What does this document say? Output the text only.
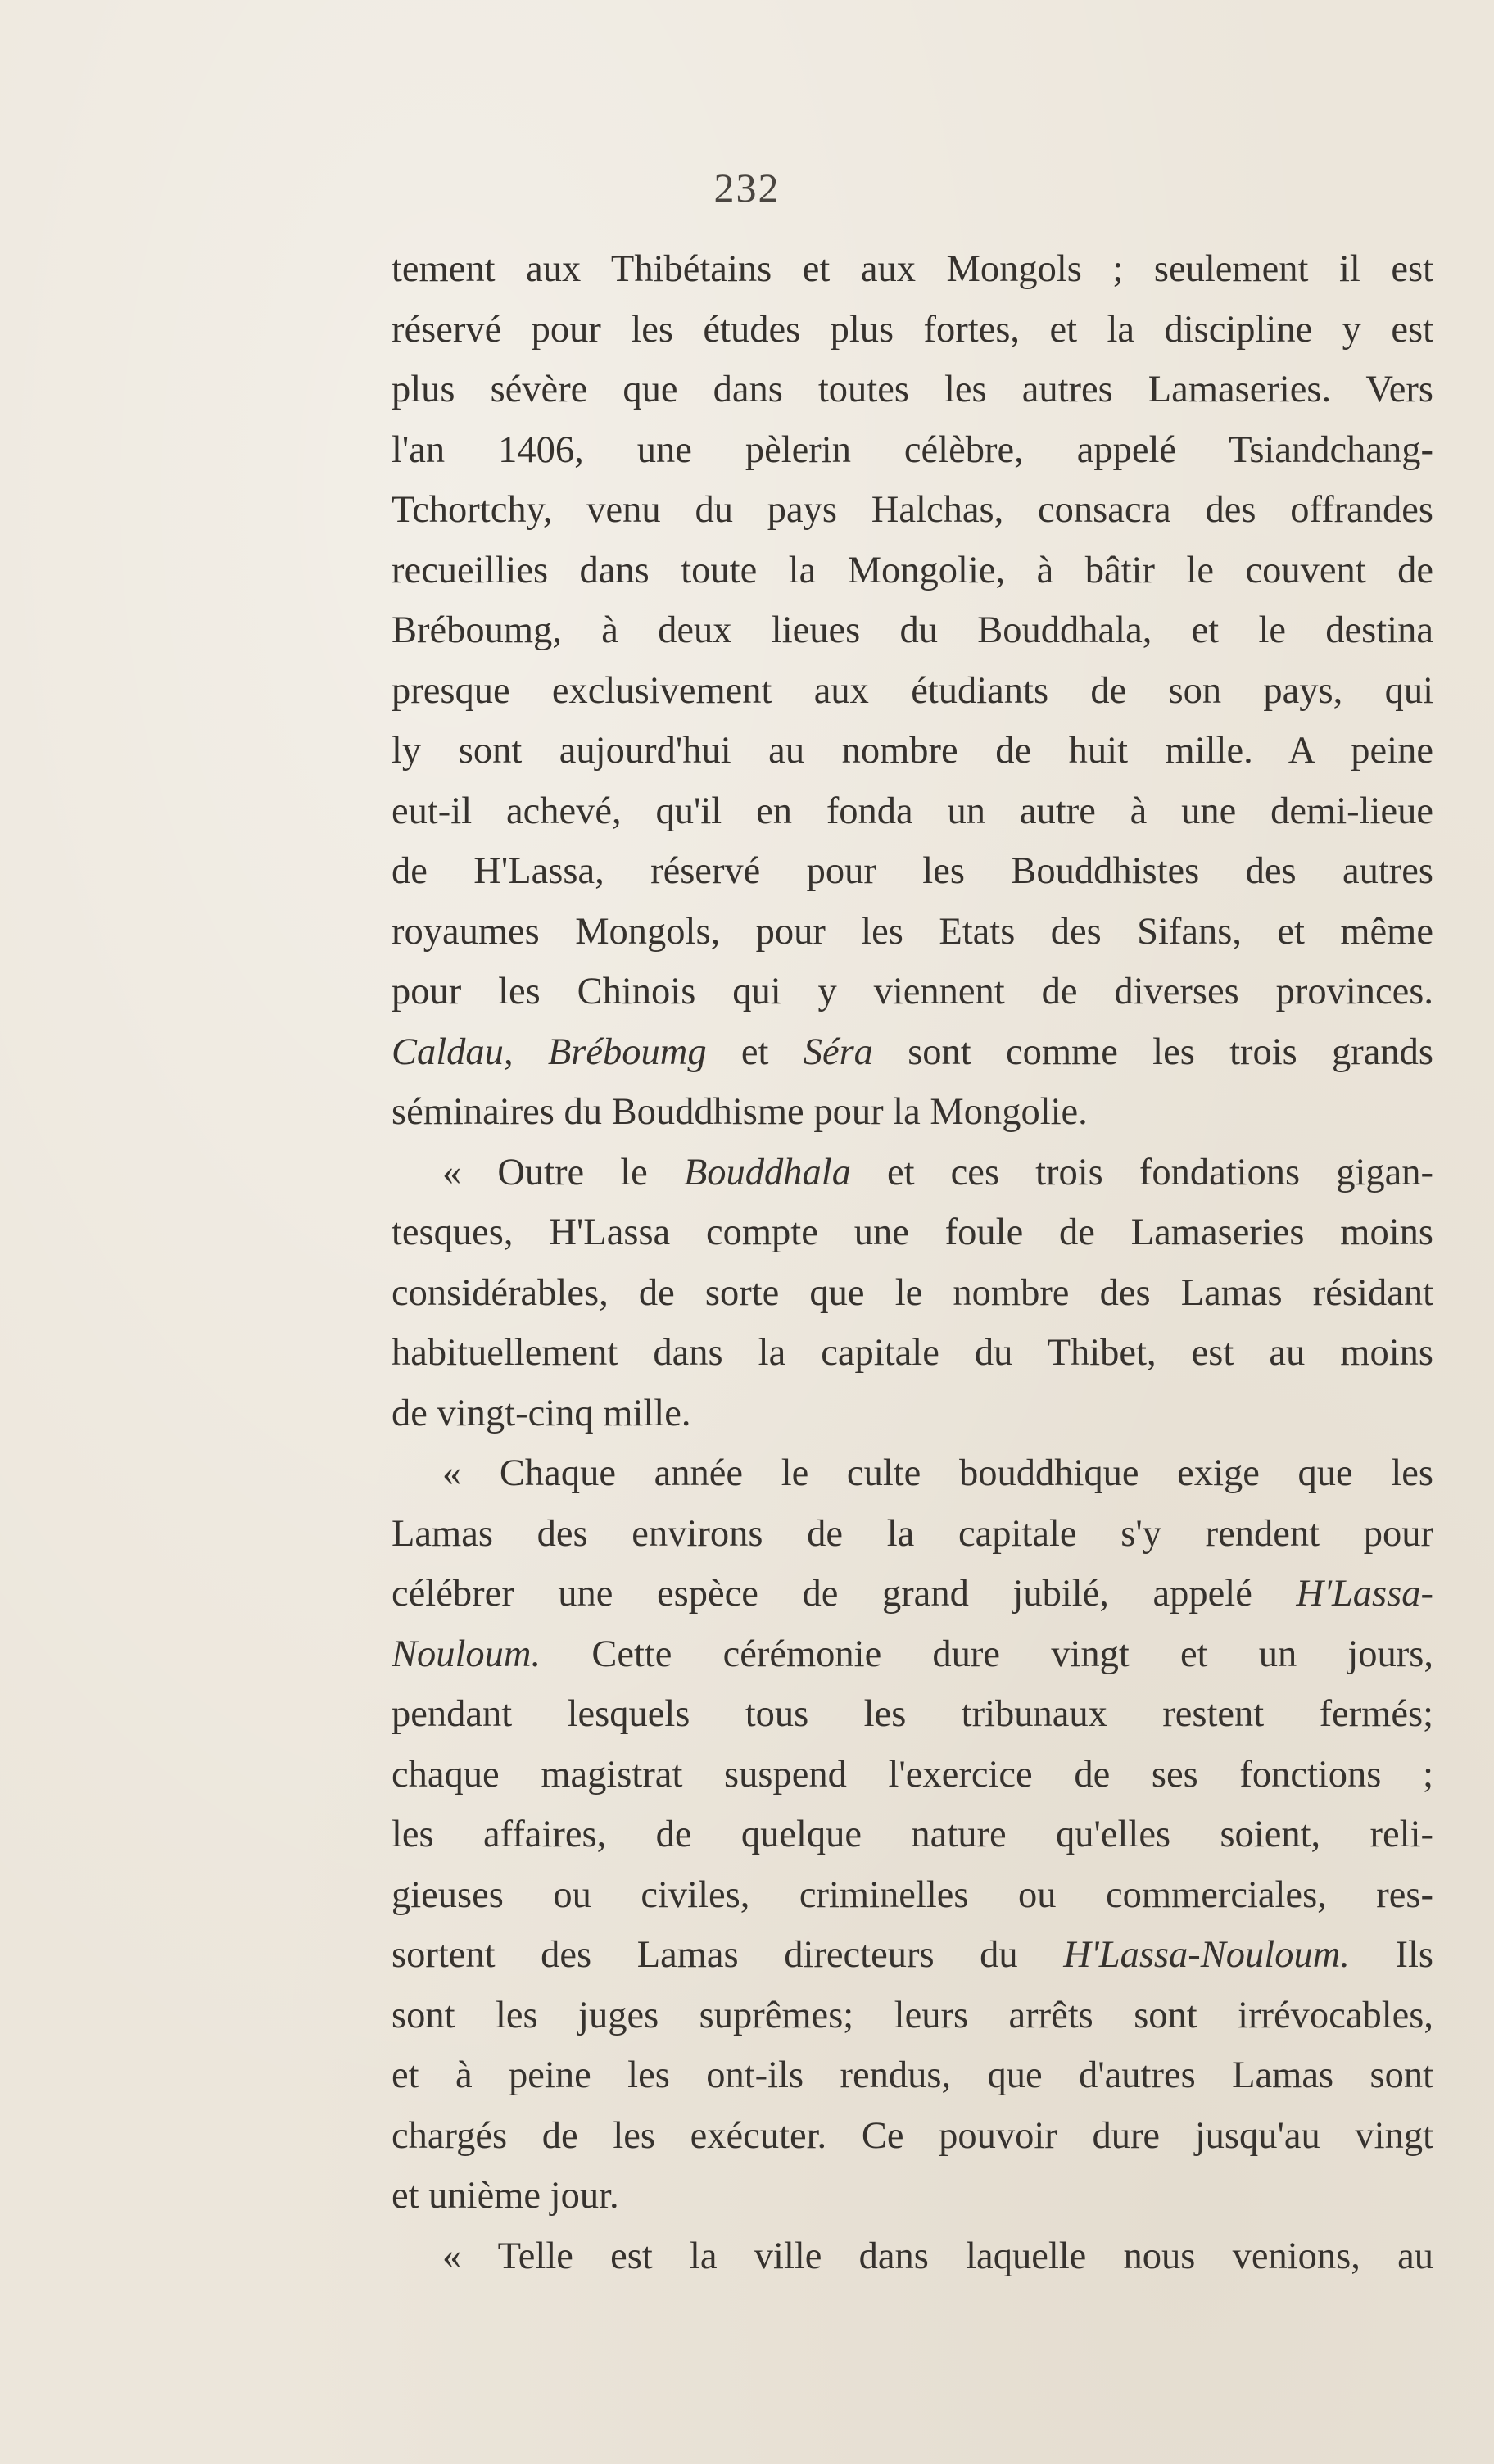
232
tement aux Thibétains et aux Mongols ; seulement il est
réservé pour les études plus fortes, et la discipline y est
plus sévère que dans toutes les autres Lamaseries. Vers
l'an 1406, une pèlerin célèbre, appelé Tsiandchang-
Tchortchy, venu du pays Halchas, consacra des offrandes
recueillies dans toute la Mongolie, à bâtir le couvent de
Bréboumg, à deux lieues du Bouddhala, et le destina
presque exclusivement aux étudiants de son pays, qui
ly sont aujourd'hui au nombre de huit mille. A peine
eut-il achevé, qu'il en fonda un autre à une demi-lieue
de H'Lassa, réservé pour les Bouddhistes des autres
royaumes Mongols, pour les Etats des Sifans, et même
pour les Chinois qui y viennent de diverses provinces.
Caldau, Bréboumg et Séra sont comme les trois grands
séminaires du Bouddhisme pour la Mongolie.
« Outre le Bouddhala et ces trois fondations gigan-
tesques, H'Lassa compte une foule de Lamaseries moins
considérables, de sorte que le nombre des Lamas résidant
habituellement dans la capitale du Thibet, est au moins
de vingt-cinq mille.
« Chaque année le culte bouddhique exige que les
Lamas des environs de la capitale s'y rendent pour
célébrer une espèce de grand jubilé, appelé H'Lassa-
Nouloum. Cette cérémonie dure vingt et un jours,
pendant lesquels tous les tribunaux restent fermés;
chaque magistrat suspend l'exercice de ses fonctions ;
les affaires, de quelque nature qu'elles soient, reli-
gieuses ou civiles, criminelles ou commerciales, res-
sortent des Lamas directeurs du H'Lassa-Nouloum. Ils
sont les juges suprêmes; leurs arrêts sont irrévocables,
et à peine les ont-ils rendus, que d'autres Lamas sont
chargés de les exécuter. Ce pouvoir dure jusqu'au vingt
et unième jour.
« Telle est la ville dans laquelle nous venions, au
